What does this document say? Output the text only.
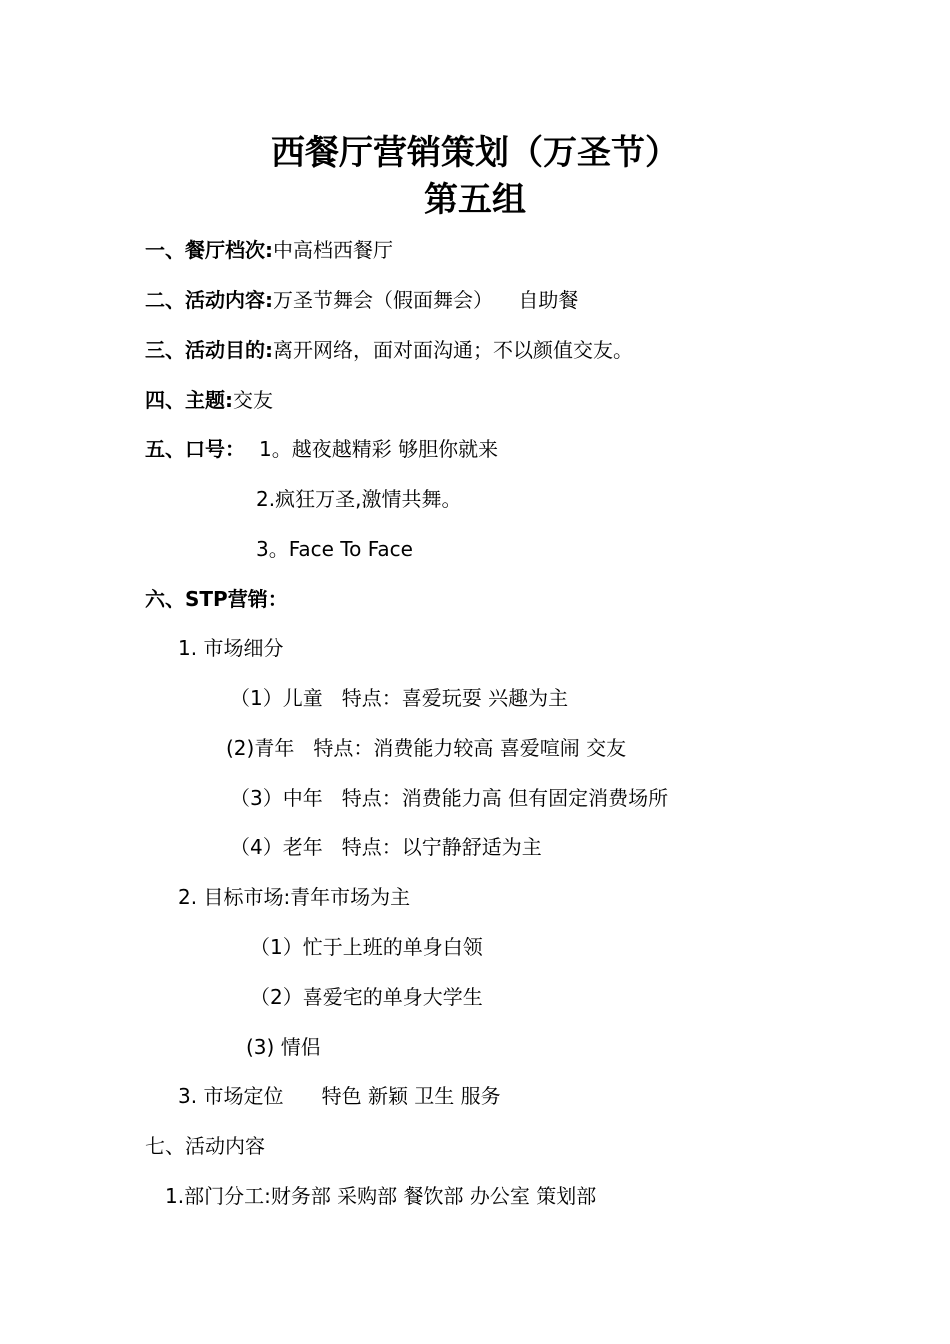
西餐厅营销策划（万圣节）
第五组
一、餐厅档次:中高档西餐厅
二、活动内容:万圣节舞会（假面舞会）    自助餐
三、活动目的:离开网络，面对面沟通；不以颜值交友。
四、主题:交友
五、口号： 1。越夜越精彩 够胆你就来
2.疯狂万圣,激情共舞。
3。Face To Face
六、STP营销：
1. 市场细分
（1）儿童   特点：喜爱玩耍 兴趣为主
(2)青年   特点：消费能力较高 喜爱喧闹 交友
（3）中年   特点：消费能力高 但有固定消费场所
（4）老年   特点：以宁静舒适为主
2. 目标市场:青年市场为主
（1）忙于上班的单身白领
（2）喜爱宅的单身大学生
(3) 情侣
3. 市场定位      特色 新颖 卫生 服务
七、活动内容
1.部门分工:财务部 采购部 餐饮部 办公室 策划部
